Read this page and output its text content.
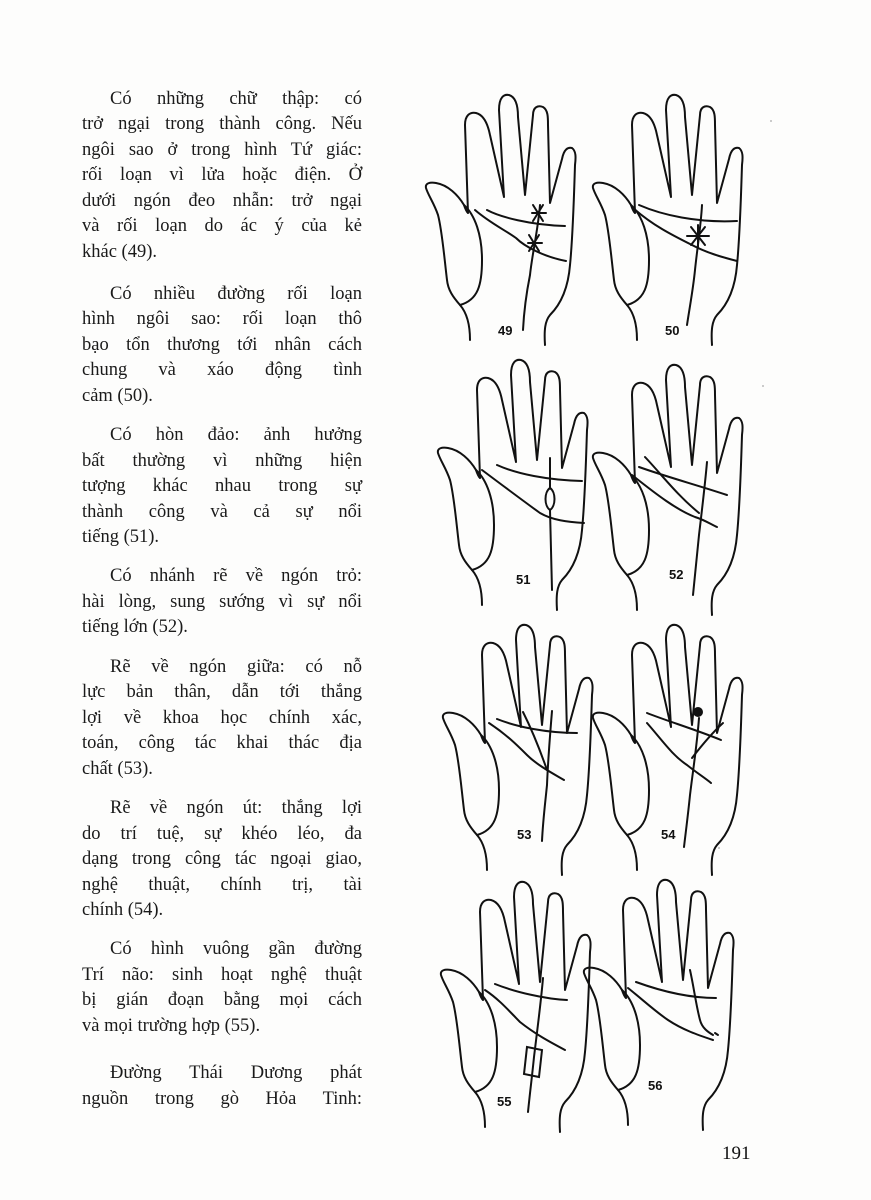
Có những chữ thập: có
trở ngại trong thành công. Nếu
ngôi sao ở trong hình Tứ giác:
rối loạn vì lửa hoặc điện. Ở
dưới ngón đeo nhẫn: trở ngại
và rối loạn do ác ý của kẻ
khác (49).
Có nhiều đường rối loạn
hình ngôi sao: rối loạn thô
bạo tổn thương tới nhân cách
chung và xáo động tình
cảm (50).
Có hòn đảo: ảnh hưởng
bất thường vì những hiện
tượng khác nhau trong sự
thành công và cả sự nổi
tiếng (51).
Có nhánh rẽ về ngón trỏ:
hài lòng, sung sướng vì sự nổi
tiếng lớn (52).
Rẽ về ngón giữa: có nỗ
lực bản thân, dẫn tới thắng
lợi về khoa học chính xác,
toán, công tác khai thác địa
chất (53).
Rẽ về ngón út: thắng lợi
do trí tuệ, sự khéo léo, đa
dạng trong công tác ngoại giao,
nghệ thuật, chính trị, tài
chính (54).
Có hình vuông gần đường
Trí não: sinh hoạt nghệ thuật
bị gián đoạn bằng mọi cách
và mọi trường hợp (55).
Đường Thái Dương phát
nguồn trong gò Hỏa Tinh:
49	50
51	52
53	54
55
56
191
